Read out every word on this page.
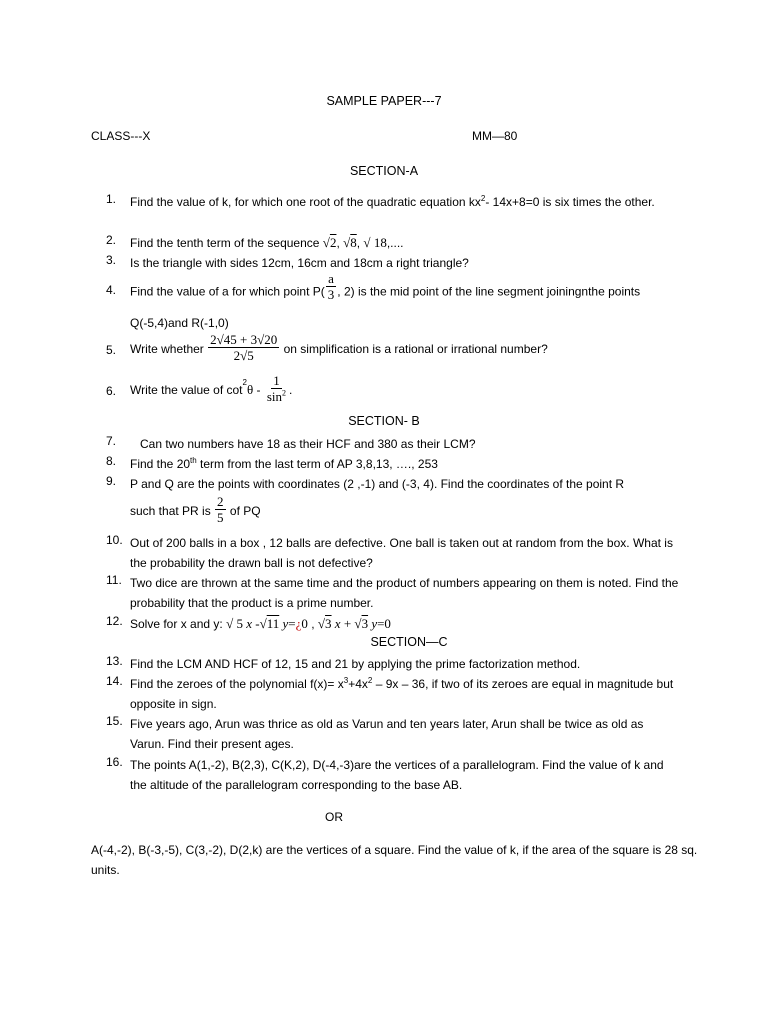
SAMPLE PAPER---7
CLASS---X	MM—80
SECTION-A
1.	Find the value of k, for which one root of the quadratic equation $kx^2-$ 14x+8=0 is six times the other.
2.	Find the tenth term of the sequence √2, √8, √ 18,....
3.	Is the triangle with sides 12cm, 16cm and 18cm a right triangle?
4.	Find the value of a for which point $P( \frac{a}{3}$ , 2) is the mid point of the line segment joiningnthe points
Q(-5,4)and R(-1,0)
5.	Write whether $\frac{2√45 + 3√20}{2√5}$ on simplification is a rational or irrational number?
6.	Write the value of $\cot^2\theta - \frac{1}{\sin^2}$ .
SECTION- B
7.	Can two numbers have 18 as their HCF and 380 as their LCM?
8.	Find the 20th term from the last term of AP 3,8,13, …., 253
9.	P and Q are the points with coordinates (2 ,-1) and (-3, 4). Find the coordinates of the point R
such that PR is $\frac{2}{5}$ of PQ
10. Out of 200 balls in a box , 12 balls are defective. One ball is taken out at random from the box. What is the probability the drawn ball is not defective?
11. Two dice are thrown at the same time and the product of numbers appearing on them is noted. Find the probability that the product is a prime number.
12. Solve for x and y: √ 5 x -√11 y=¿0 , √3 x + √3 y=0
SECTION—C
13. Find the LCM AND HCF of 12, 15 and 21 by applying the prime factorization method.
14. Find the zeroes of the polynomial $f(x)= x^3+4x^2 - 9x - 36$, if two of its zeroes are equal in magnitude but opposite in sign.
15. Five years ago, Arun was thrice as old as Varun and ten years later, Arun shall be twice as old as Varun. Find their present ages.
16. The points A(1,-2), B(2,3), C(K,2), D(-4,-3)are the vertices of a parallelogram. Find the value of k and the altitude of the parallelogram corresponding to the base AB.
OR
A(-4,-2), B(-3,-5), C(3,-2), D(2,k) are the vertices of a square. Find the value of k, if the area of the square is 28 sq. units.
